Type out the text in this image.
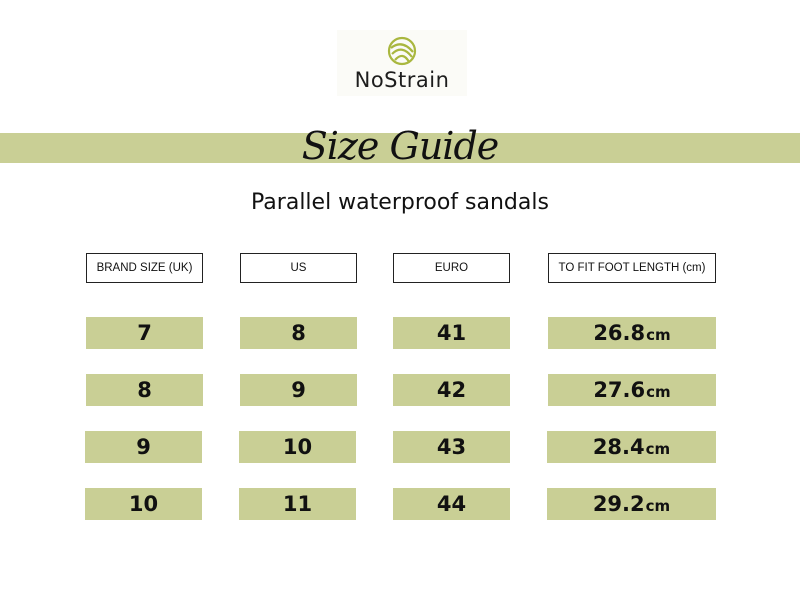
NoStrain
Size Guide
Parallel waterproof sandals
BRAND SIZE (UK)	US	EURO	TO FIT FOOT LENGTH (cm)
7	8	41	26.8 cm
8	9	42	27.6 cm
9	10	43	28.4 cm
10	11	44	29.2 cm
